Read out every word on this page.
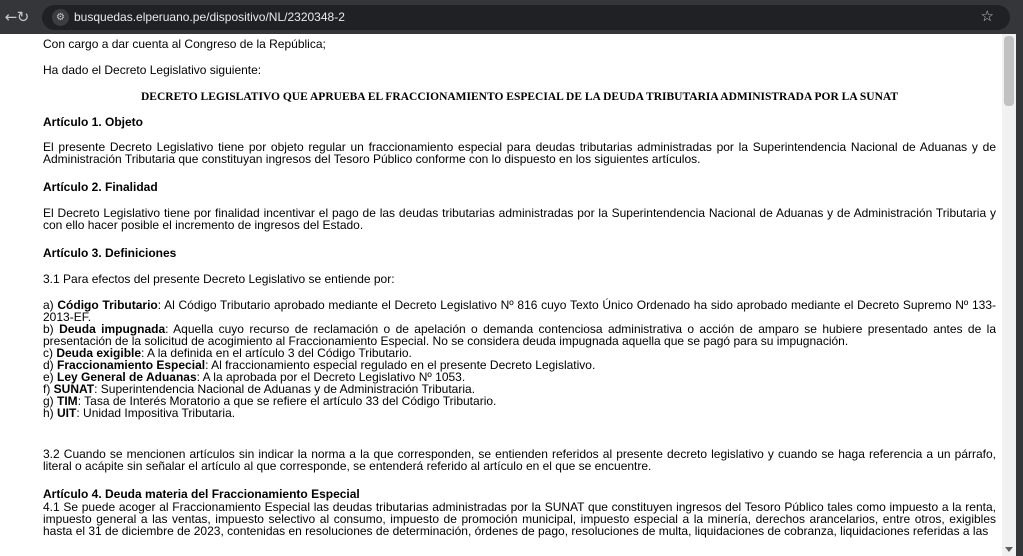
← ↻	⚙ busquedas.elperuano.pe/dispositivo/NL/2320348-2	☆

Con cargo a dar cuenta al Congreso de la República;

Ha dado el Decreto Legislativo siguiente:

DECRETO LEGISLATIVO QUE APRUEBA EL FRACCIONAMIENTO ESPECIAL DE LA DEUDA TRIBUTARIA ADMINISTRADA POR LA SUNAT

Artículo 1. Objeto

El presente Decreto Legislativo tiene por objeto regular un fraccionamiento especial para deudas tributarias administradas por la Superintendencia Nacional de Aduanas y de Administración Tributaria que constituyan ingresos del Tesoro Público conforme con lo dispuesto en los siguientes artículos.

Artículo 2. Finalidad

El Decreto Legislativo tiene por finalidad incentivar el pago de las deudas tributarias administradas por la Superintendencia Nacional de Aduanas y de Administración Tributaria y con ello hacer posible el incremento de ingresos del Estado.

Artículo 3. Definiciones

3.1 Para efectos del presente Decreto Legislativo se entiende por:

a) Código Tributario: Al Código Tributario aprobado mediante el Decreto Legislativo Nº 816 cuyo Texto Único Ordenado ha sido aprobado mediante el Decreto Supremo Nº 133-2013-EF.

b) Deuda impugnada: Aquella cuyo recurso de reclamación o de apelación o demanda contenciosa administrativa o acción de amparo se hubiere presentado antes de la presentación de la solicitud de acogimiento al Fraccionamiento Especial. No se considera deuda impugnada aquella que se pagó para su impugnación.

c) Deuda exigible: A la definida en el artículo 3 del Código Tributario.

d) Fraccionamiento Especial: Al fraccionamiento especial regulado en el presente Decreto Legislativo.

e) Ley General de Aduanas: A la aprobada por el Decreto Legislativo Nº 1053.

f) SUNAT: Superintendencia Nacional de Aduanas y de Administración Tributaria.

g) TIM: Tasa de Interés Moratorio a que se refiere el artículo 33 del Código Tributario.

h) UIT: Unidad Impositiva Tributaria.

3.2 Cuando se mencionen artículos sin indicar la norma a la que corresponden, se entienden referidos al presente decreto legislativo y cuando se haga referencia a un párrafo, literal o acápite sin señalar el artículo al que corresponde, se entenderá referido al artículo en el que se encuentre.

Artículo 4. Deuda materia del Fraccionamiento Especial

4.1 Se puede acoger al Fraccionamiento Especial las deudas tributarias administradas por la SUNAT que constituyen ingresos del Tesoro Público tales como impuesto a la renta, impuesto general a las ventas, impuesto selectivo al consumo, impuesto de promoción municipal, impuesto especial a la minería, derechos arancelarios, entre otros, exigibles hasta el 31 de diciembre de 2023, contenidas en resoluciones de determinación, órdenes de pago, resoluciones de multa, liquidaciones de cobranza, liquidaciones referidas a las
